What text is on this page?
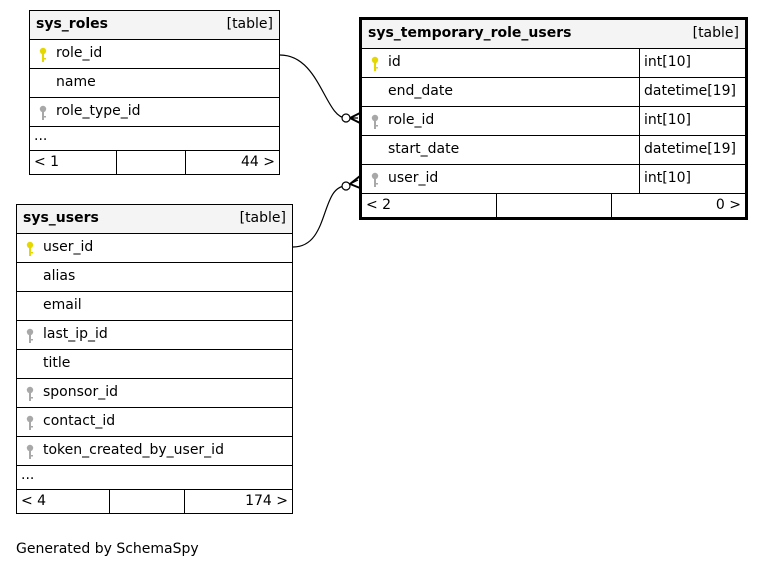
sys_roles	[table]
role_id
name
role_type_id
...
< 1	44 >
sys_users	[table]
user_id
alias
email
last_ip_id
title
sponsor_id
contact_id
token_created_by_user_id
...
< 4	174 >
sys_temporary_role_users	[table]
id	int[10]
end_date	datetime[19]
role_id	int[10]
start_date	datetime[19]
user_id	int[10]
< 2	0 >
Generated by SchemaSpy
